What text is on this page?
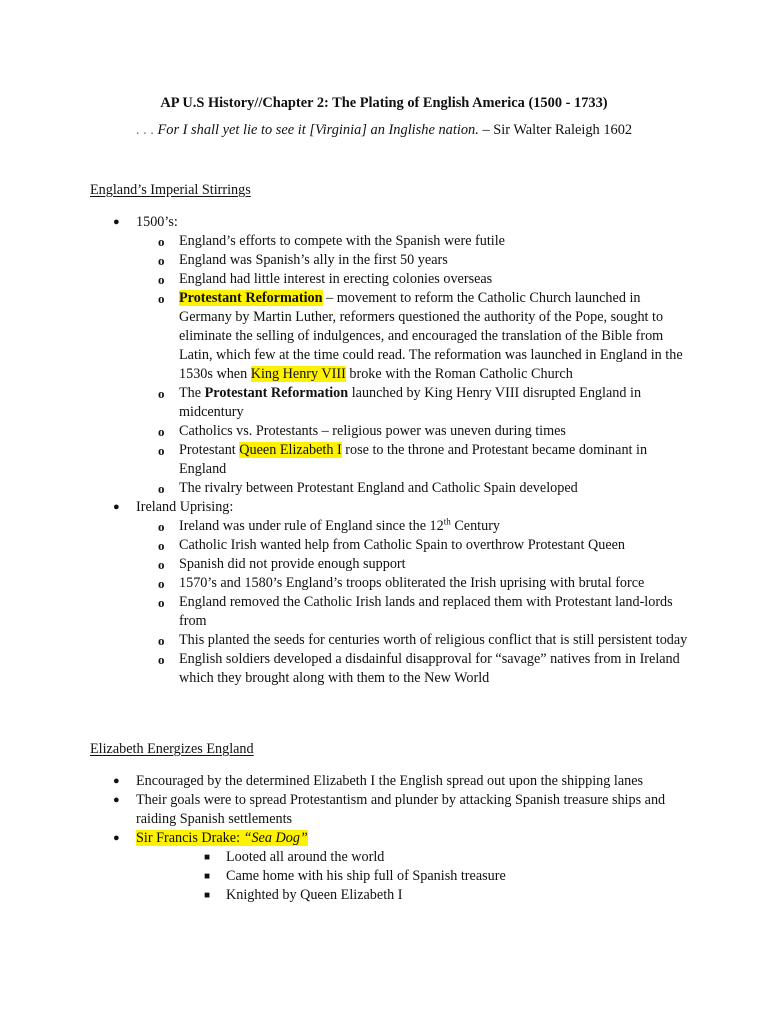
AP U.S History//Chapter 2: The Plating of English America (1500 - 1733)

. . . For I shall yet lie to see it [Virginia] an Inglishe nation. – Sir Walter Raleigh 1602

England’s Imperial Stirrings
● 1500’s:
o England’s efforts to compete with the Spanish were futile
o England was Spanish’s ally in the first 50 years
o England had little interest in erecting colonies overseas
o Protestant Reformation – movement to reform the Catholic Church launched in Germany by Martin Luther, reformers questioned the authority of the Pope, sought to eliminate the selling of indulgences, and encouraged the translation of the Bible from Latin, which few at the time could read. The reformation was launched in England in the 1530s when King Henry VIII broke with the Roman Catholic Church
o The Protestant Reformation launched by King Henry VIII disrupted England in midcentury
o Catholics vs. Protestants – religious power was uneven during times
o Protestant Queen Elizabeth I rose to the throne and Protestant became dominant in England
o The rivalry between Protestant England and Catholic Spain developed
● Ireland Uprising:
o Ireland was under rule of England since the 12th Century
o Catholic Irish wanted help from Catholic Spain to overthrow Protestant Queen
o Spanish did not provide enough support
o 1570’s and 1580’s England’s troops obliterated the Irish uprising with brutal force
o England removed the Catholic Irish lands and replaced them with Protestant land-lords from
o This planted the seeds for centuries worth of religious conflict that is still persistent today
o English soldiers developed a disdainful disapproval for “savage” natives from in Ireland which they brought along with them to the New World
Elizabeth Energizes England
● Encouraged by the determined Elizabeth I the English spread out upon the shipping lanes
● Their goals were to spread Protestantism and plunder by attacking Spanish treasure ships and raiding Spanish settlements
● Sir Francis Drake: “Sea Dog”
■ Looted all around the world
■ Came home with his ship full of Spanish treasure
■ Knighted by Queen Elizabeth I
